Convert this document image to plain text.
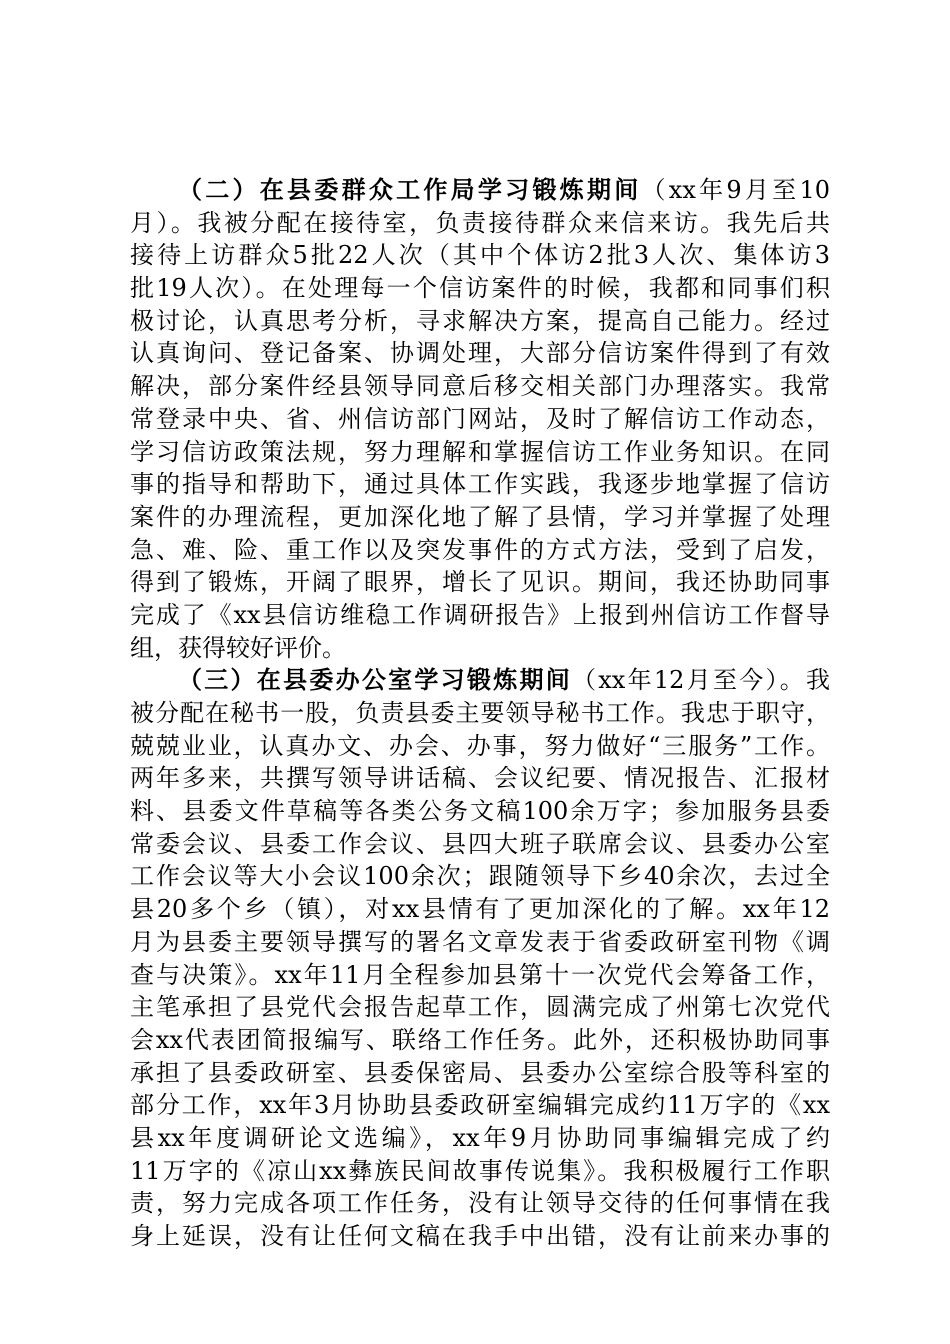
（二）在县委群众工作局学习锻炼期间（xx年9月至10
月）。我被分配在接待室，负责接待群众来信来访。我先后共
接待上访群众5批22人次（其中个体访2批3人次、集体访3
批19人次）。在处理每一个信访案件的时候，我都和同事们积
极讨论，认真思考分析，寻求解决方案，提高自己能力。经过
认真询问、登记备案、协调处理，大部分信访案件得到了有效
解决，部分案件经县领导同意后移交相关部门办理落实。我常
常登录中央、省、州信访部门网站，及时了解信访工作动态，
学习信访政策法规，努力理解和掌握信访工作业务知识。在同
事的指导和帮助下，通过具体工作实践，我逐步地掌握了信访
案件的办理流程，更加深化地了解了县情，学习并掌握了处理
急、难、险、重工作以及突发事件的方式方法，受到了启发，
得到了锻炼，开阔了眼界，增长了见识。期间，我还协助同事
完成了《xx县信访维稳工作调研报告》上报到州信访工作督导
组，获得较好评价。
（三）在县委办公室学习锻炼期间（xx年12月至今）。我
被分配在秘书一股，负责县委主要领导秘书工作。我忠于职守，
兢兢业业，认真办文、办会、办事，努力做好“三服务”工作。
两年多来，共撰写领导讲话稿、会议纪要、情况报告、汇报材
料、县委文件草稿等各类公务文稿100余万字；参加服务县委
常委会议、县委工作会议、县四大班子联席会议、县委办公室
工作会议等大小会议100余次；跟随领导下乡40余次，去过全
县20多个乡（镇），对xx县情有了更加深化的了解。xx年12
月为县委主要领导撰写的署名文章发表于省委政研室刊物《调
查与决策》。xx年11月全程参加县第十一次党代会筹备工作，
主笔承担了县党代会报告起草工作，圆满完成了州第七次党代
会xx代表团简报编写、联络工作任务。此外，还积极协助同事
承担了县委政研室、县委保密局、县委办公室综合股等科室的
部分工作，xx年3月协助县委政研室编辑完成约11万字的《xx
县xx年度调研论文选编》，xx年9月协助同事编辑完成了约
11万字的《凉山xx彝族民间故事传说集》。我积极履行工作职
责，努力完成各项工作任务，没有让领导交待的任何事情在我
身上延误，没有让任何文稿在我手中出错，没有让前来办事的
